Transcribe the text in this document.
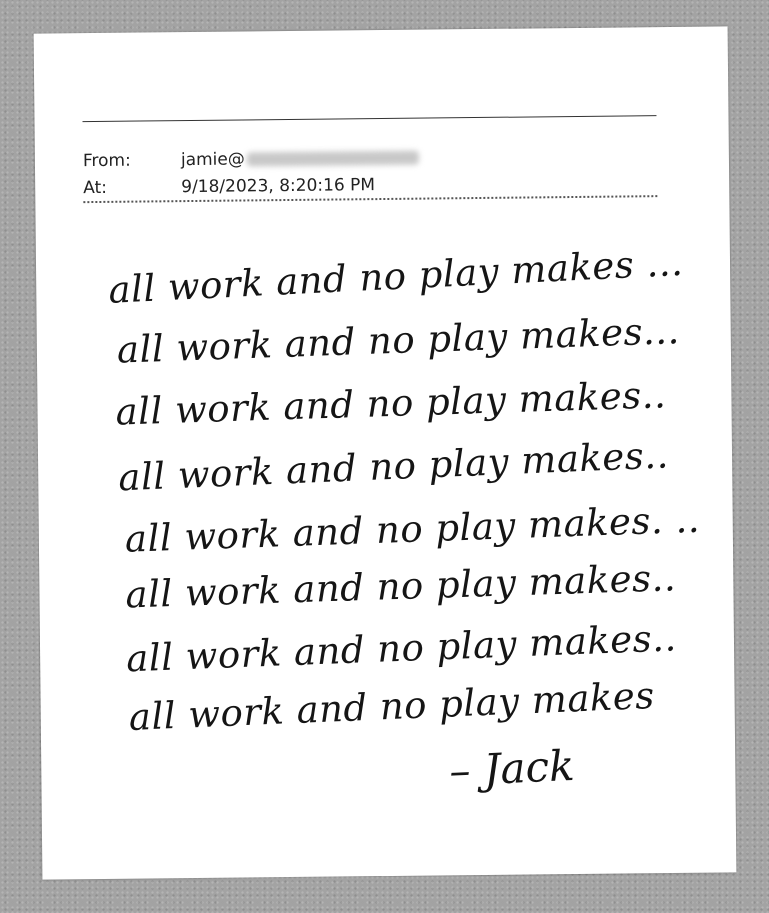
From:	jamie@
At:	9/18/2023, 8:20:16 PM
all work and no play makes ...
all work and no play makes...
all work and no play makes..
all work and no play makes..
all work and no play makes. ..
all work and no play makes..
all work and no play makes..
all work and no play makes
– Jack
